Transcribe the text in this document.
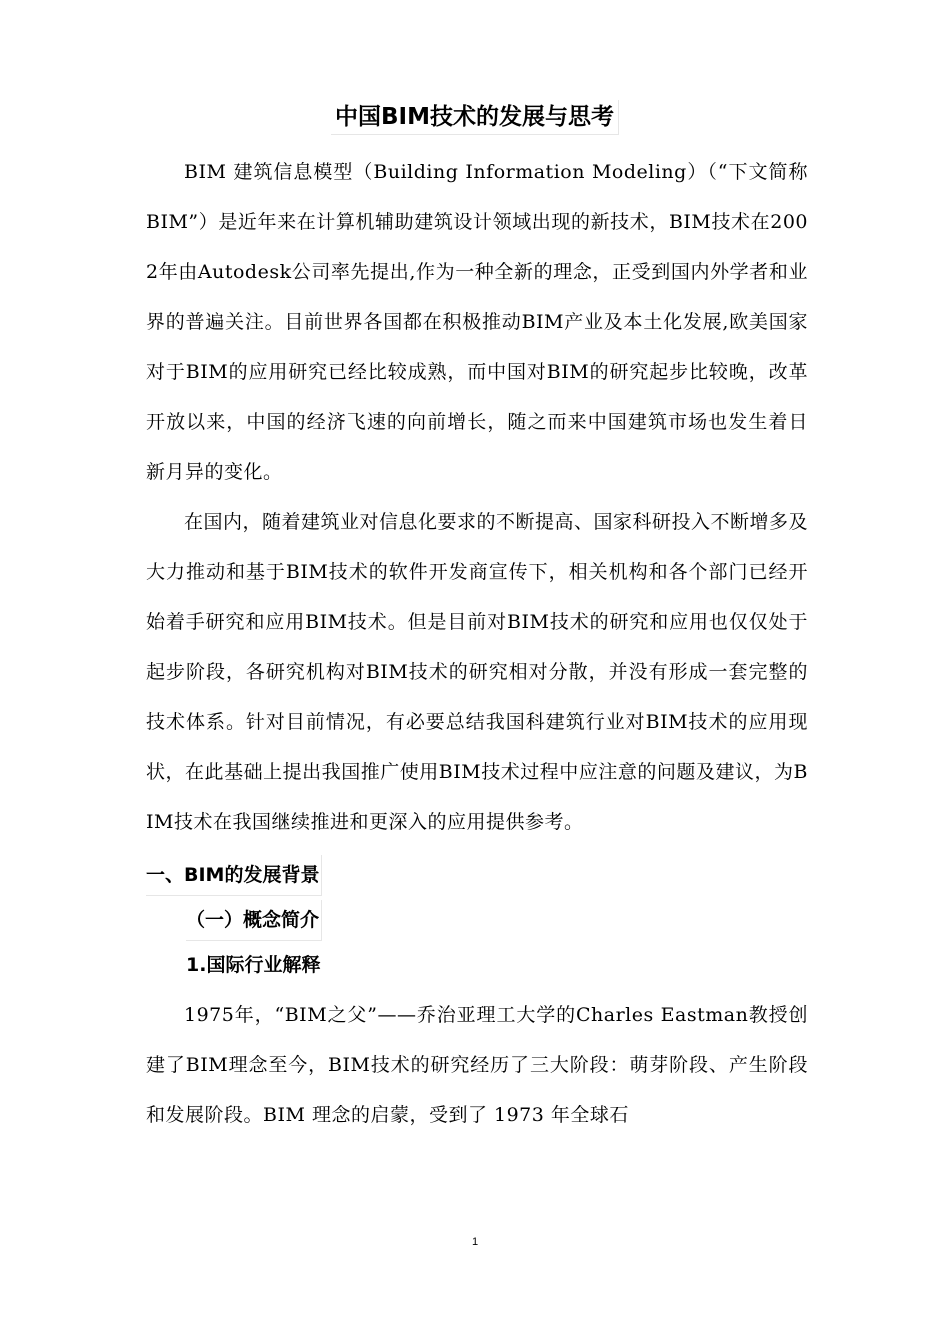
中国BIM技术的发展与思考

BIM 建筑信息模型（Building Information Modeling）（“下文简称BIM”）是近年来在计算机辅助建筑设计领域出现的新技术，BIM技术在2002年由Autodesk公司率先提出,作为一种全新的理念，正受到国内外学者和业界的普遍关注。目前世界各国都在积极推动BIM产业及本土化发展,欧美国家对于BIM的应用研究已经比较成熟，而中国对BIM的研究起步比较晚，改革开放以来，中国的经济飞速的向前增长，随之而来中国建筑市场也发生着日新月异的变化。

在国内，随着建筑业对信息化要求的不断提高、国家科研投入不断增多及大力推动和基于BIM技术的软件开发商宣传下，相关机构和各个部门已经开始着手研究和应用BIM技术。但是目前对BIM技术的研究和应用也仅仅处于起步阶段，各研究机构对BIM技术的研究相对分散，并没有形成一套完整的技术体系。针对目前情况，有必要总结我国科建筑行业对BIM技术的应用现状，在此基础上提出我国推广使用BIM技术过程中应注意的问题及建议，为BIM技术在我国继续推进和更深入的应用提供参考。

一、BIM的发展背景
（一）概念简介
1.国际行业解释

1975年，“BIM之父”——乔治亚理工大学的Charles Eastman教授创建了BIM理念至今，BIM技术的研究经历了三大阶段：萌芽阶段、产生阶段和发展阶段。BIM 理念的启蒙，受到了 1973 年全球石

1
